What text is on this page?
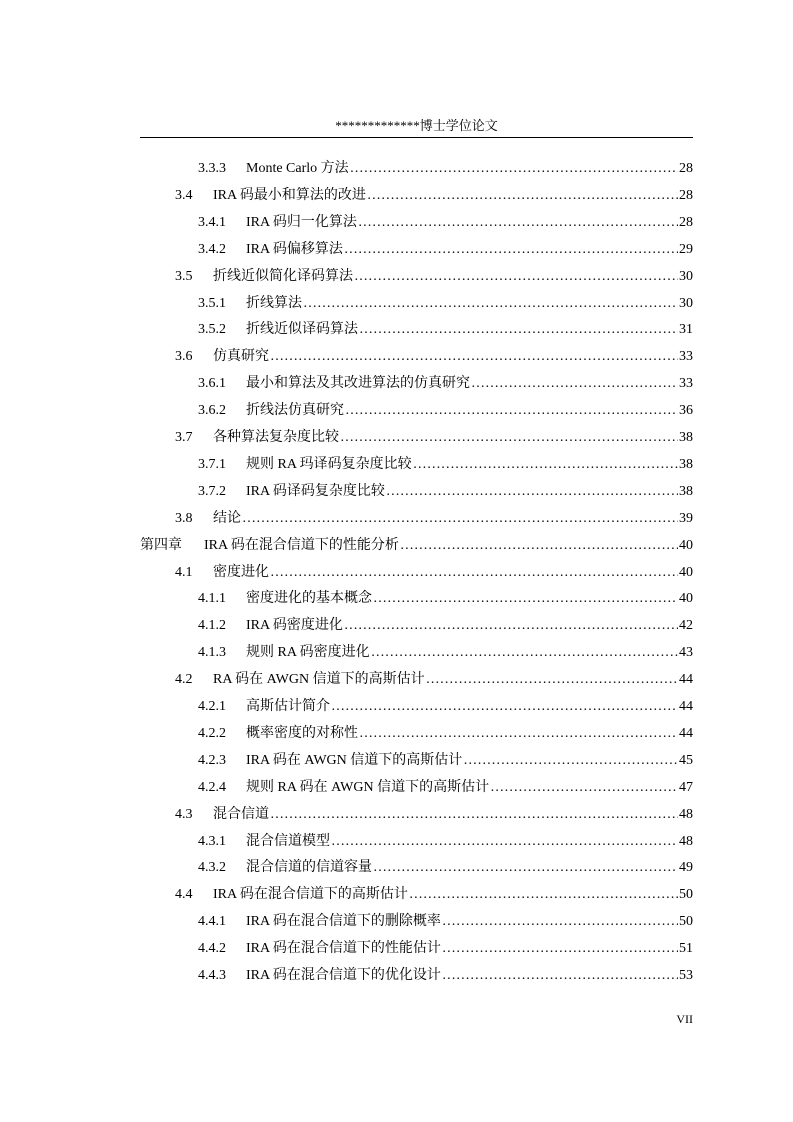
*************博士学位论文
3.3.3	Monte Carlo 方法 ………………………………………………………………………………………………………………………………………………	28
3.4	IRA 码最小和算法的改进 ………………………………………………………………………………………………………………………………………………	28
3.4.1	IRA 码归一化算法 ………………………………………………………………………………………………………………………………………………	28
3.4.2	IRA 码偏移算法 ………………………………………………………………………………………………………………………………………………	29
3.5	折线近似简化译码算法 ………………………………………………………………………………………………………………………………………………	30
3.5.1	折线算法 ………………………………………………………………………………………………………………………………………………	30
3.5.2	折线近似译码算法 ………………………………………………………………………………………………………………………………………………	31
3.6	仿真研究 ………………………………………………………………………………………………………………………………………………	33
3.6.1	最小和算法及其改进算法的仿真研究 ………………………………………………………………………………………………………………………………………………	33
3.6.2	折线法仿真研究 ………………………………………………………………………………………………………………………………………………	36
3.7	各种算法复杂度比较 ………………………………………………………………………………………………………………………………………………	38
3.7.1	规则 RA 玛译码复杂度比较 ………………………………………………………………………………………………………………………………………………	38
3.7.2	IRA 码译码复杂度比较 ………………………………………………………………………………………………………………………………………………	38
3.8	结论 ………………………………………………………………………………………………………………………………………………	39
第四章	IRA 码在混合信道下的性能分析 ………………………………………………………………………………………………………………………………………………	40
4.1	密度进化 ………………………………………………………………………………………………………………………………………………	40
4.1.1	密度进化的基本概念 ………………………………………………………………………………………………………………………………………………	40
4.1.2	IRA 码密度进化 ………………………………………………………………………………………………………………………………………………	42
4.1.3	规则 RA 码密度进化 ………………………………………………………………………………………………………………………………………………	43
4.2	RA 码在 AWGN 信道下的高斯估计 ………………………………………………………………………………………………………………………………………………	44
4.2.1	高斯估计简介 ………………………………………………………………………………………………………………………………………………	44
4.2.2	概率密度的对称性 ………………………………………………………………………………………………………………………………………………	44
4.2.3	IRA 码在 AWGN 信道下的高斯估计 ………………………………………………………………………………………………………………………………………………	45
4.2.4	规则 RA 码在 AWGN 信道下的高斯估计 ………………………………………………………………………………………………………………………………………………	47
4.3	混合信道 ………………………………………………………………………………………………………………………………………………	48
4.3.1	混合信道模型 ………………………………………………………………………………………………………………………………………………	48
4.3.2	混合信道的信道容量 ………………………………………………………………………………………………………………………………………………	49
4.4	IRA 码在混合信道下的高斯估计 ………………………………………………………………………………………………………………………………………………	50
4.4.1	IRA 码在混合信道下的删除概率 ………………………………………………………………………………………………………………………………………………	50
4.4.2	IRA 码在混合信道下的性能估计 ………………………………………………………………………………………………………………………………………………	51
4.4.3	IRA 码在混合信道下的优化设计 ………………………………………………………………………………………………………………………………………………	53
VII
